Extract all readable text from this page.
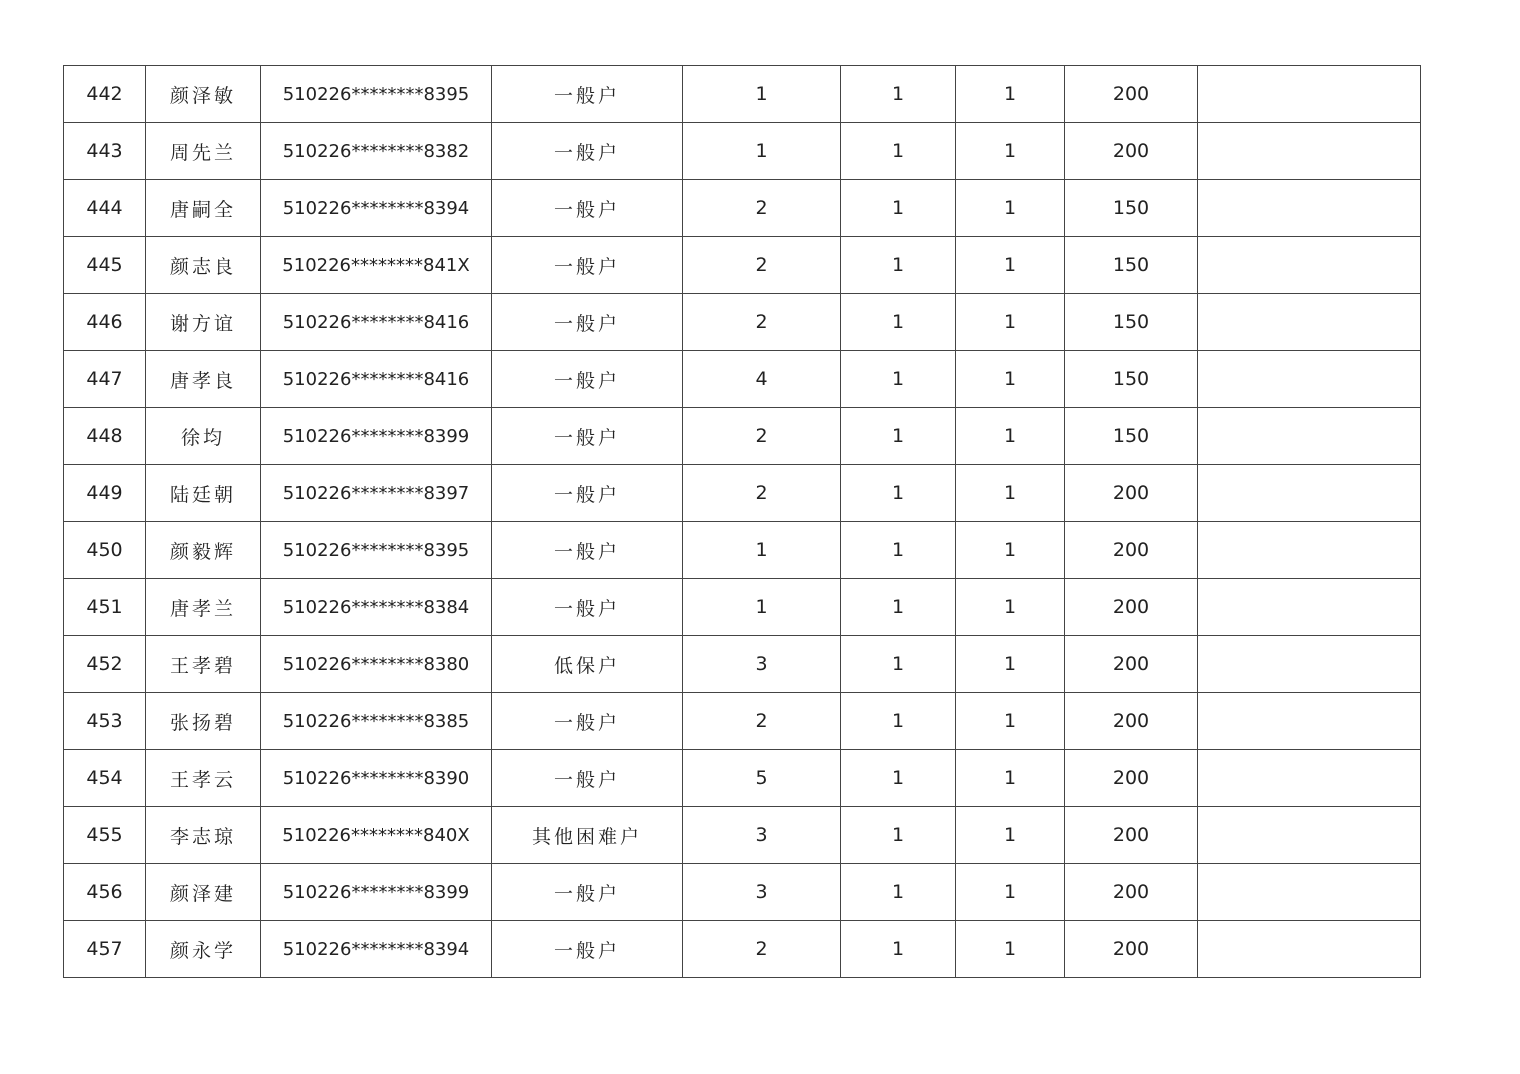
442	颜泽敏	510226********8395	一般户	1	1	1	200	
443	周先兰	510226********8382	一般户	1	1	1	200	
444	唐嗣全	510226********8394	一般户	2	1	1	150	
445	颜志良	510226********841X	一般户	2	1	1	150	
446	谢方谊	510226********8416	一般户	2	1	1	150	
447	唐孝良	510226********8416	一般户	4	1	1	150	
448	徐均	510226********8399	一般户	2	1	1	150	
449	陆廷朝	510226********8397	一般户	2	1	1	200	
450	颜毅辉	510226********8395	一般户	1	1	1	200	
451	唐孝兰	510226********8384	一般户	1	1	1	200	
452	王孝碧	510226********8380	低保户	3	1	1	200	
453	张扬碧	510226********8385	一般户	2	1	1	200	
454	王孝云	510226********8390	一般户	5	1	1	200	
455	李志琼	510226********840X	其他困难户	3	1	1	200	
456	颜泽建	510226********8399	一般户	3	1	1	200	
457	颜永学	510226********8394	一般户	2	1	1	200	
